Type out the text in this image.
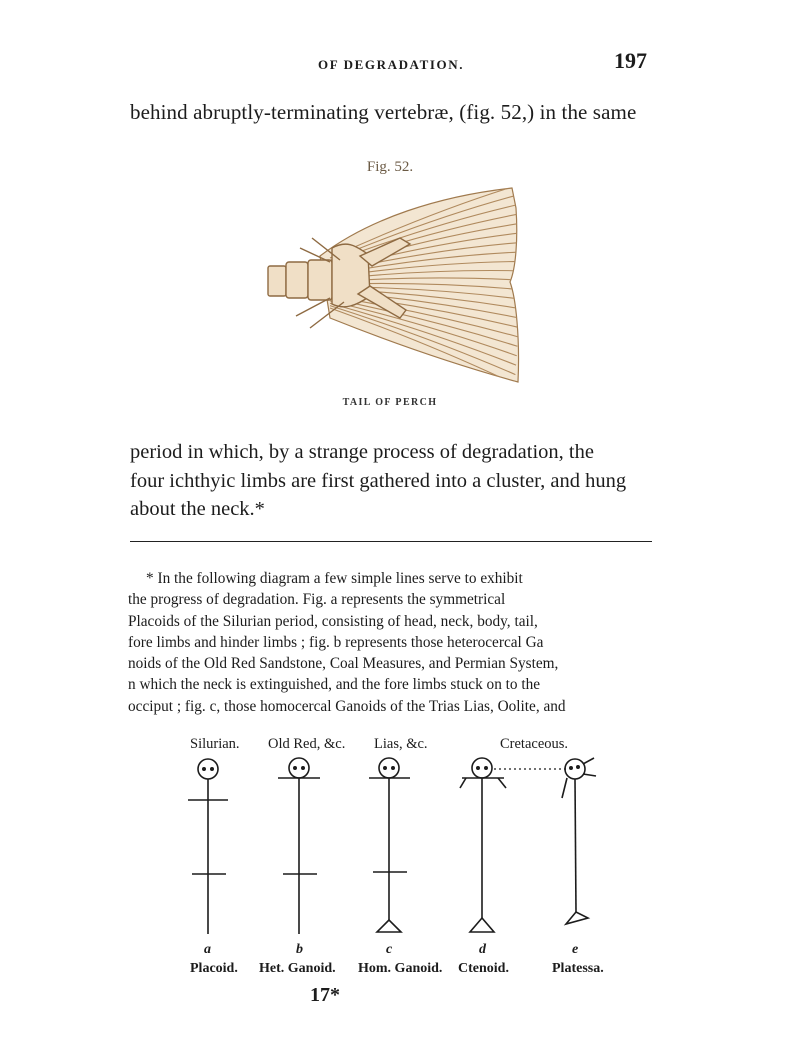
OF DEGRADATION.	197
behind abruptly-terminating vertebræ, (fig. 52,) in the same
Fig. 52.
TAIL OF PERCH
period in which, by a strange process of degradation, the
four ichthyic limbs are first gathered into a cluster, and hung
about the neck.*
* In the following diagram a few simple lines serve to exhibit
the progress of degradation. Fig. a represents the symmetrical
Placoids of the Silurian period, consisting of head, neck, body, tail,
fore limbs and hinder limbs ; fig. b represents those heterocercal Ga
noids of the Old Red Sandstone, Coal Measures, and Permian System,
n which the neck is extinguished, and the fore limbs stuck on to the
occiput ; fig. c, those homocercal Ganoids of the Trias Lias, Oolite, and
Silurian. Old Red, &c. Lias, &c.	Cretaceous.
a	b	c	d	e
Placoid. Het. Ganoid. Hom. Ganoid. Ctenoid.	Platessa.
17*
